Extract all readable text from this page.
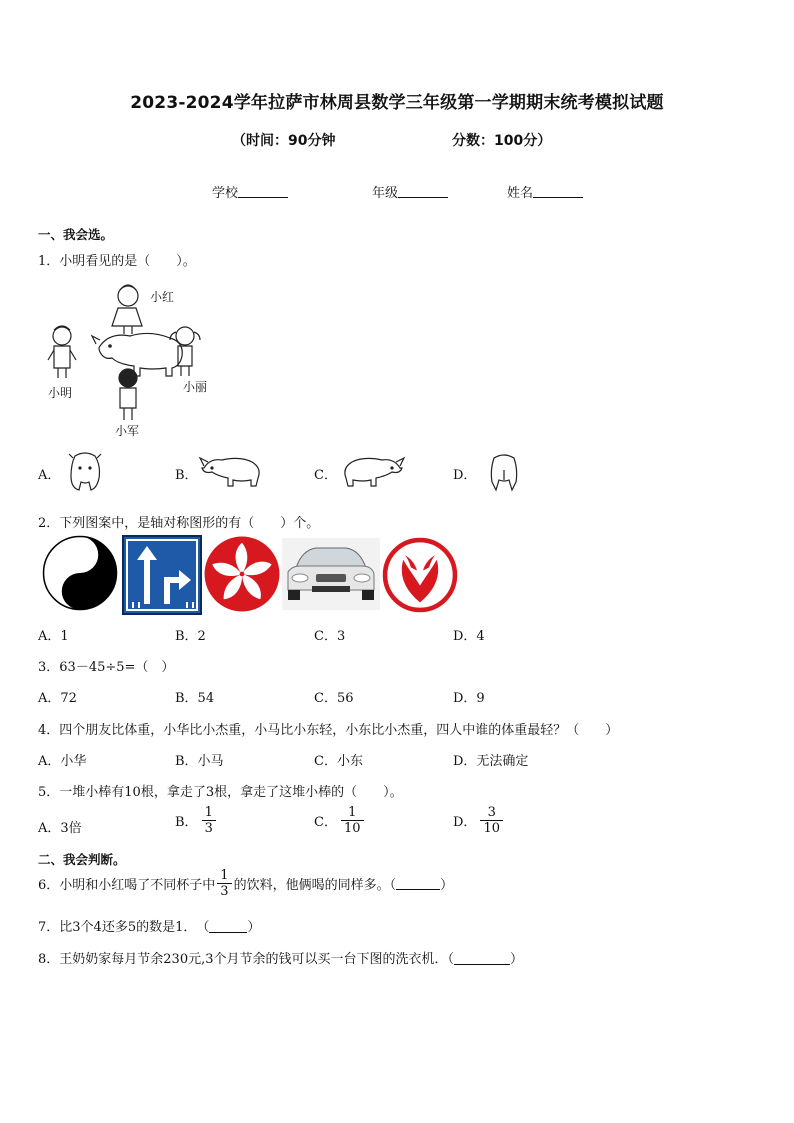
2023-2024学年拉萨市林周县数学三年级第一学期期末统考模拟试题
（时间：90分钟	分数：100分）
学校	年级	姓名
一、我会选。
1．小明看见的是（　　）。
小红
小明	小丽
小军
A．	B．	C．	D．
2．下列图案中，是轴对称图形的有（　　）个。
A．1	B．2	C．3	D．4
3．63－45÷5=（　）
A．72	B．54	C．56	D．9
4．四个朋友比体重，小华比小杰重，小马比小东轻，小东比小杰重，四人中谁的体重最轻？（　　）
A．小华	B．小马	C．小东	D．无法确定
5．一堆小棒有10根，拿走了3根，拿走了这堆小棒的（　　）。
A．3倍	B． $\frac{1}{3}$	C． $\frac{1}{10}$	D． $\frac{3}{10}$
二、我会判断。
6．小明和小红喝了不同杯子中 $\frac{1}{3}$ 的饮料，他俩喝的同样多。（	）
7．比3个4还多5的数是1．　（	）
8．王奶奶家每月节余230元,3个月节余的钱可以买一台下图的洗衣机．（	）
